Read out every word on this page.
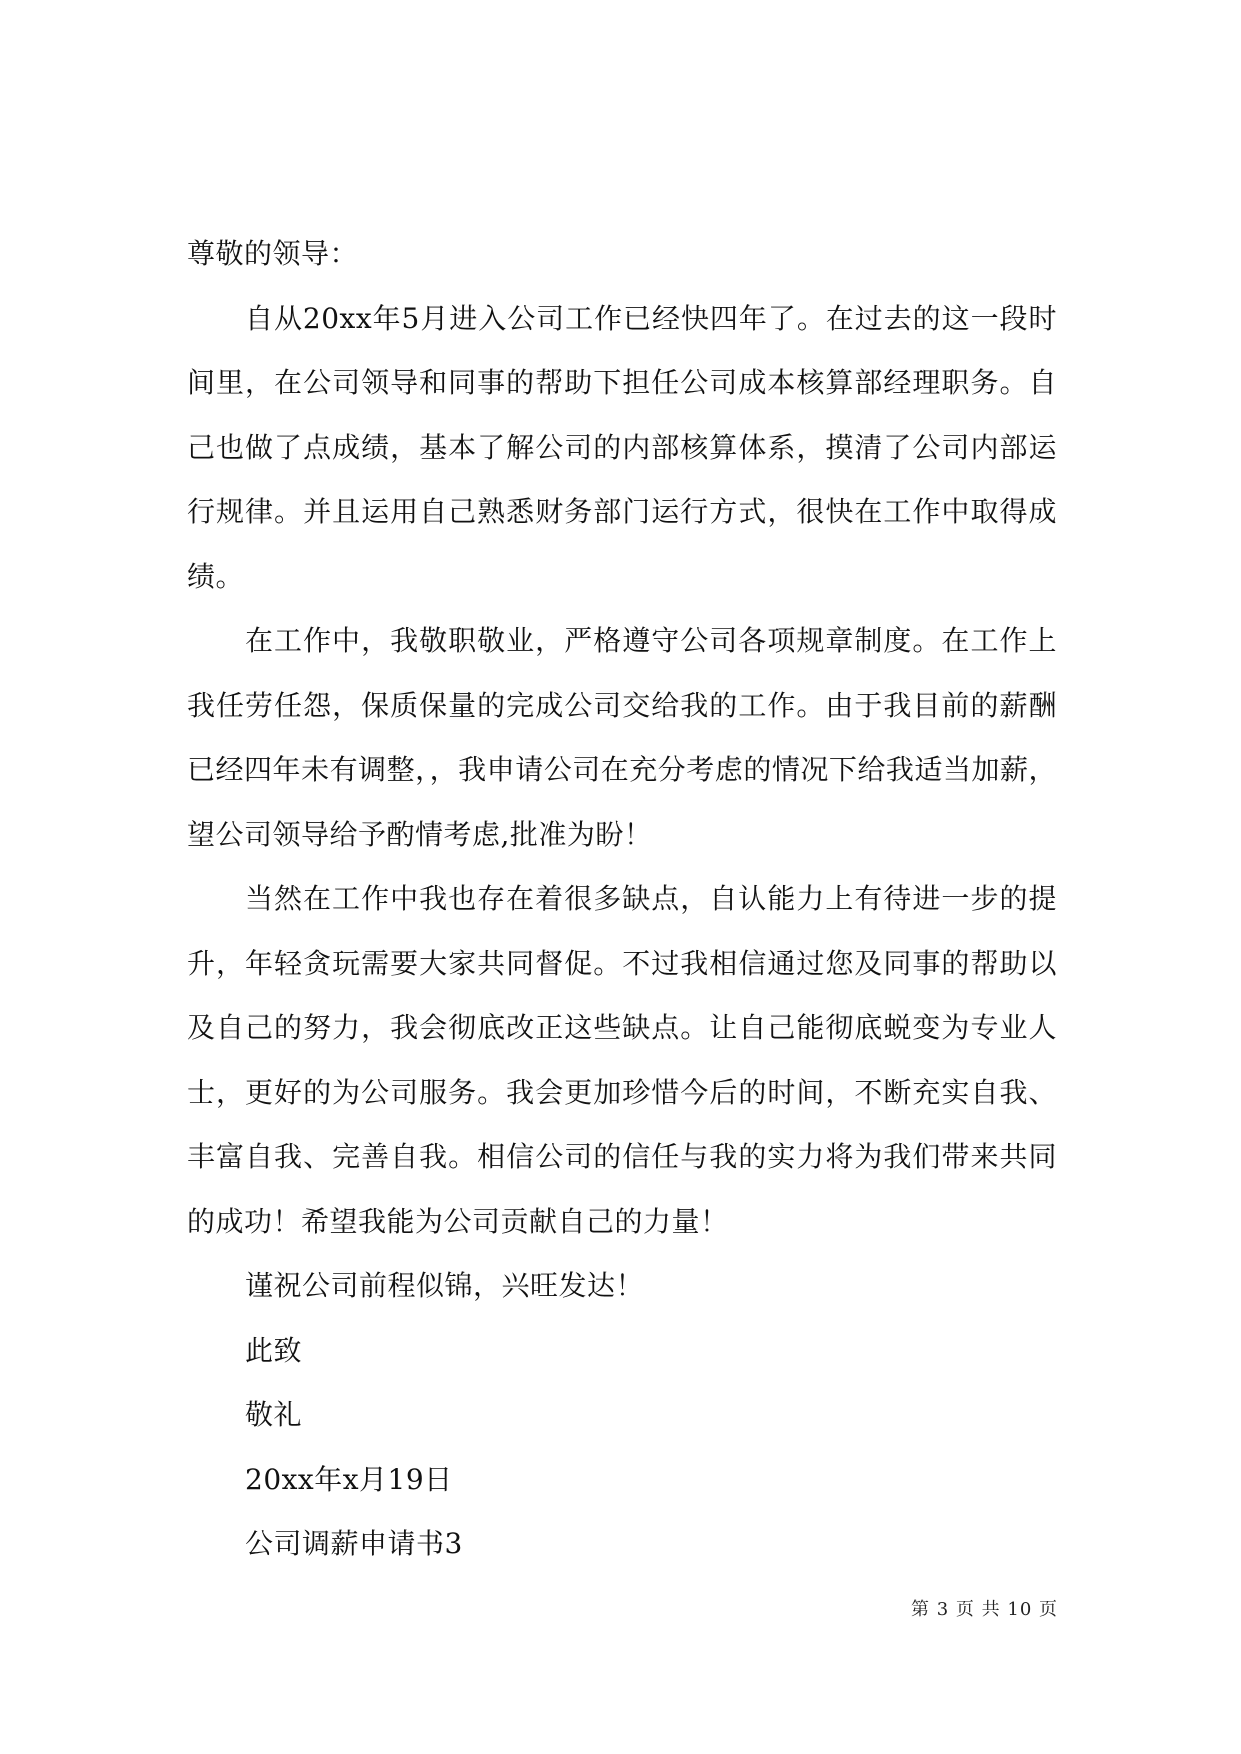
尊敬的领导：

自从20xx年5月进入公司工作已经快四年了。在过去的这一段时间里，在公司领导和同事的帮助下担任公司成本核算部经理职务。自己也做了点成绩，基本了解公司的内部核算体系，摸清了公司内部运行规律。并且运用自己熟悉财务部门运行方式，很快在工作中取得成绩。

在工作中，我敬职敬业，严格遵守公司各项规章制度。在工作上我任劳任怨，保质保量的完成公司交给我的工作。由于我目前的薪酬已经四年未有调整，，我申请公司在充分考虑的情况下给我适当加薪，望公司领导给予酌情考虑,批准为盼！

当然在工作中我也存在着很多缺点，自认能力上有待进一步的提升，年轻贪玩需要大家共同督促。不过我相信通过您及同事的帮助以及自己的努力，我会彻底改正这些缺点。让自己能彻底蜕变为专业人士，更好的为公司服务。我会更加珍惜今后的时间，不断充实自我、丰富自我、完善自我。相信公司的信任与我的实力将为我们带来共同的成功！希望我能为公司贡献自己的力量！

谨祝公司前程似锦，兴旺发达！

此致

敬礼

20xx年x月19日

公司调薪申请书3

第 3 页 共 10 页
